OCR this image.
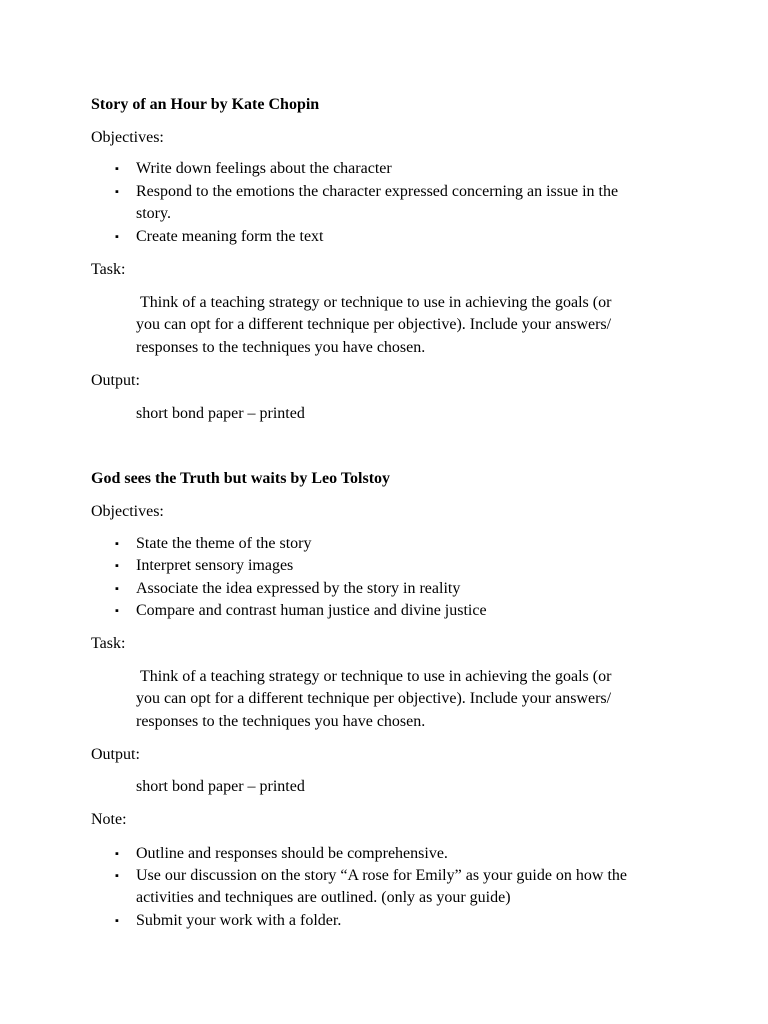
Story of an Hour by Kate Chopin
Objectives:
▪	Write down feelings about the character
▪	Respond to the emotions the character expressed concerning an issue in the
story.
▪	Create meaning form the text
Task:
Think of a teaching strategy or technique to use in achieving the goals (or
you can opt for a different technique per objective). Include your answers/
responses to the techniques you have chosen.
Output:
short bond paper – printed
God sees the Truth but waits by Leo Tolstoy
Objectives:
▪	State the theme of the story
▪	Interpret sensory images
▪	Associate the idea expressed by the story in reality
▪	Compare and contrast human justice and divine justice
Task:
Think of a teaching strategy or technique to use in achieving the goals (or
you can opt for a different technique per objective). Include your answers/
responses to the techniques you have chosen.
Output:
short bond paper – printed
Note:
▪	Outline and responses should be comprehensive.
▪	Use our discussion on the story “A rose for Emily” as your guide on how the
activities and techniques are outlined. (only as your guide)
▪	Submit your work with a folder.
